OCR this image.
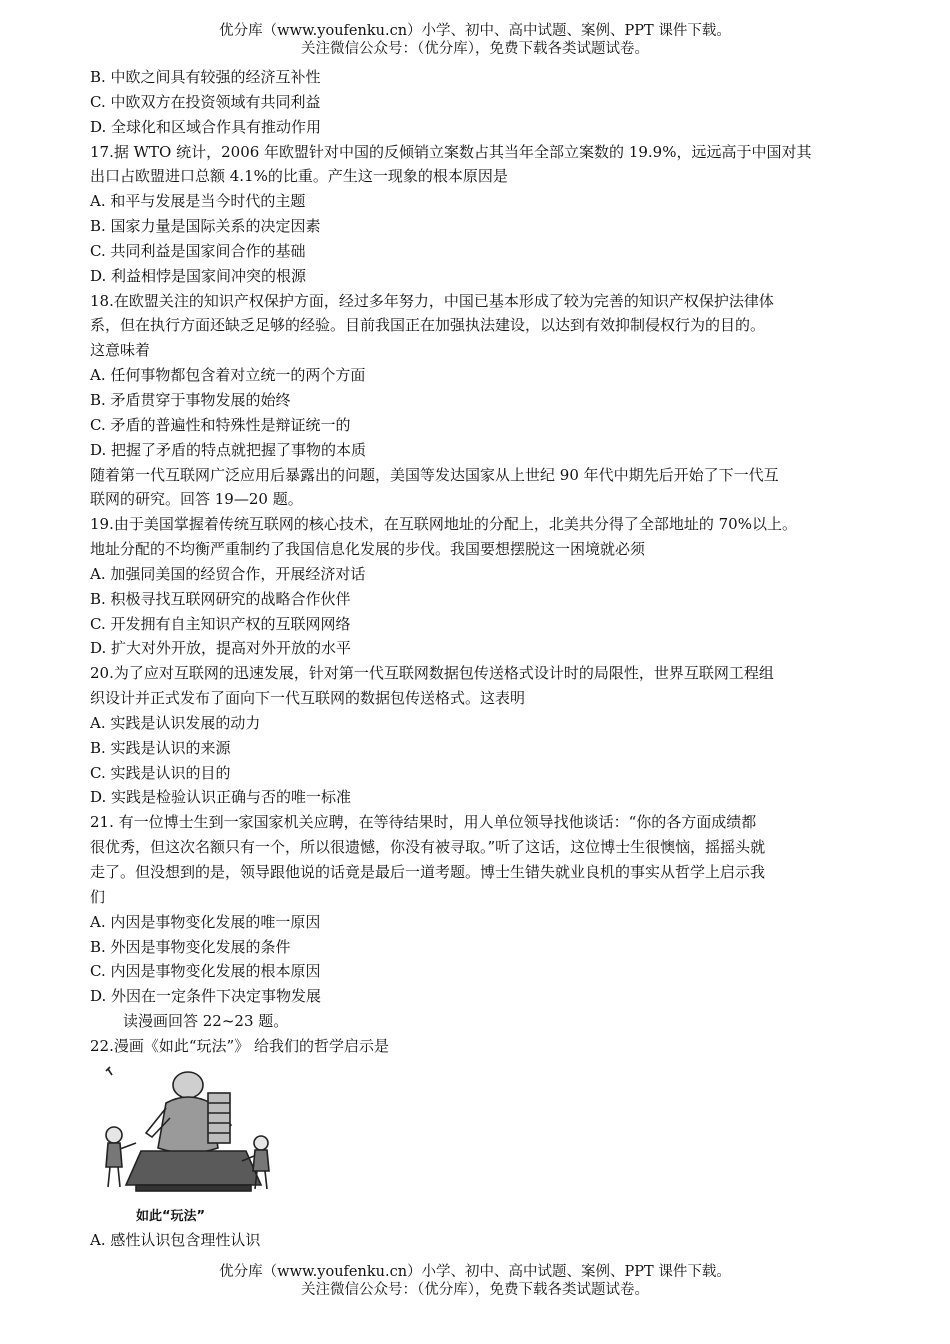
优分库（www.youfenku.cn）小学、初中、高中试题、案例、PPT 课件下载。
关注微信公众号：（优分库），免费下载各类试题试卷。
B. 中欧之间具有较强的经济互补性
C. 中欧双方在投资领域有共同利益
D. 全球化和区域合作具有推动作用
17.据 WTO 统计，2006 年欧盟针对中国的反倾销立案数占其当年全部立案数的 19.9%，远远高于中国对其
出口占欧盟进口总额 4.1%的比重。产生这一现象的根本原因是
A. 和平与发展是当今时代的主题
B. 国家力量是国际关系的决定因素
C. 共同利益是国家间合作的基础
D. 利益相悖是国家间冲突的根源
18.在欧盟关注的知识产权保护方面，经过多年努力，中国已基本形成了较为完善的知识产权保护法律体
系，但在执行方面还缺乏足够的经验。目前我国正在加强执法建设，以达到有效抑制侵权行为的目的。
这意味着
A. 任何事物都包含着对立统一的两个方面
B. 矛盾贯穿于事物发展的始终
C. 矛盾的普遍性和特殊性是辩证统一的
D. 把握了矛盾的特点就把握了事物的本质
随着第一代互联网广泛应用后暴露出的问题，美国等发达国家从上世纪 90 年代中期先后开始了下一代互
联网的研究。回答 19—20 题。
19.由于美国掌握着传统互联网的核心技术，在互联网地址的分配上，北美共分得了全部地址的 70%以上。
地址分配的不均衡严重制约了我国信息化发展的步伐。我国要想摆脱这一困境就必须
A. 加强同美国的经贸合作，开展经济对话
B. 积极寻找互联网研究的战略合作伙伴
C. 开发拥有自主知识产权的互联网网络
D. 扩大对外开放，提高对外开放的水平
20.为了应对互联网的迅速发展，针对第一代互联网数据包传送格式设计时的局限性，世界互联网工程组
织设计并正式发布了面向下一代互联网的数据包传送格式。这表明
A. 实践是认识发展的动力
B. 实践是认识的来源
C. 实践是认识的目的
D. 实践是检验认识正确与否的唯一标准
21. 有一位博士生到一家国家机关应聘，在等待结果时，用人单位领导找他谈话：“你的各方面成绩都
很优秀，但这次名额只有一个，所以很遗憾，你没有被寻取。”听了这话，这位博士生很懊恼，摇摇头就
走了。但没想到的是，领导跟他说的话竟是最后一道考题。博士生错失就业良机的事实从哲学上启示我
们
A. 内因是事物变化发展的唯一原因
B. 外因是事物变化发展的条件
C. 内因是事物变化发展的根本原因
D. 外因在一定条件下决定事物发展
读漫画回答 22~23 题。
22.漫画《如此“玩法”》 给我们的哲学启示是
如此“玩法”
A. 感性认识包含理性认识
优分库（www.youfenku.cn）小学、初中、高中试题、案例、PPT 课件下载。
关注微信公众号：（优分库），免费下载各类试题试卷。
